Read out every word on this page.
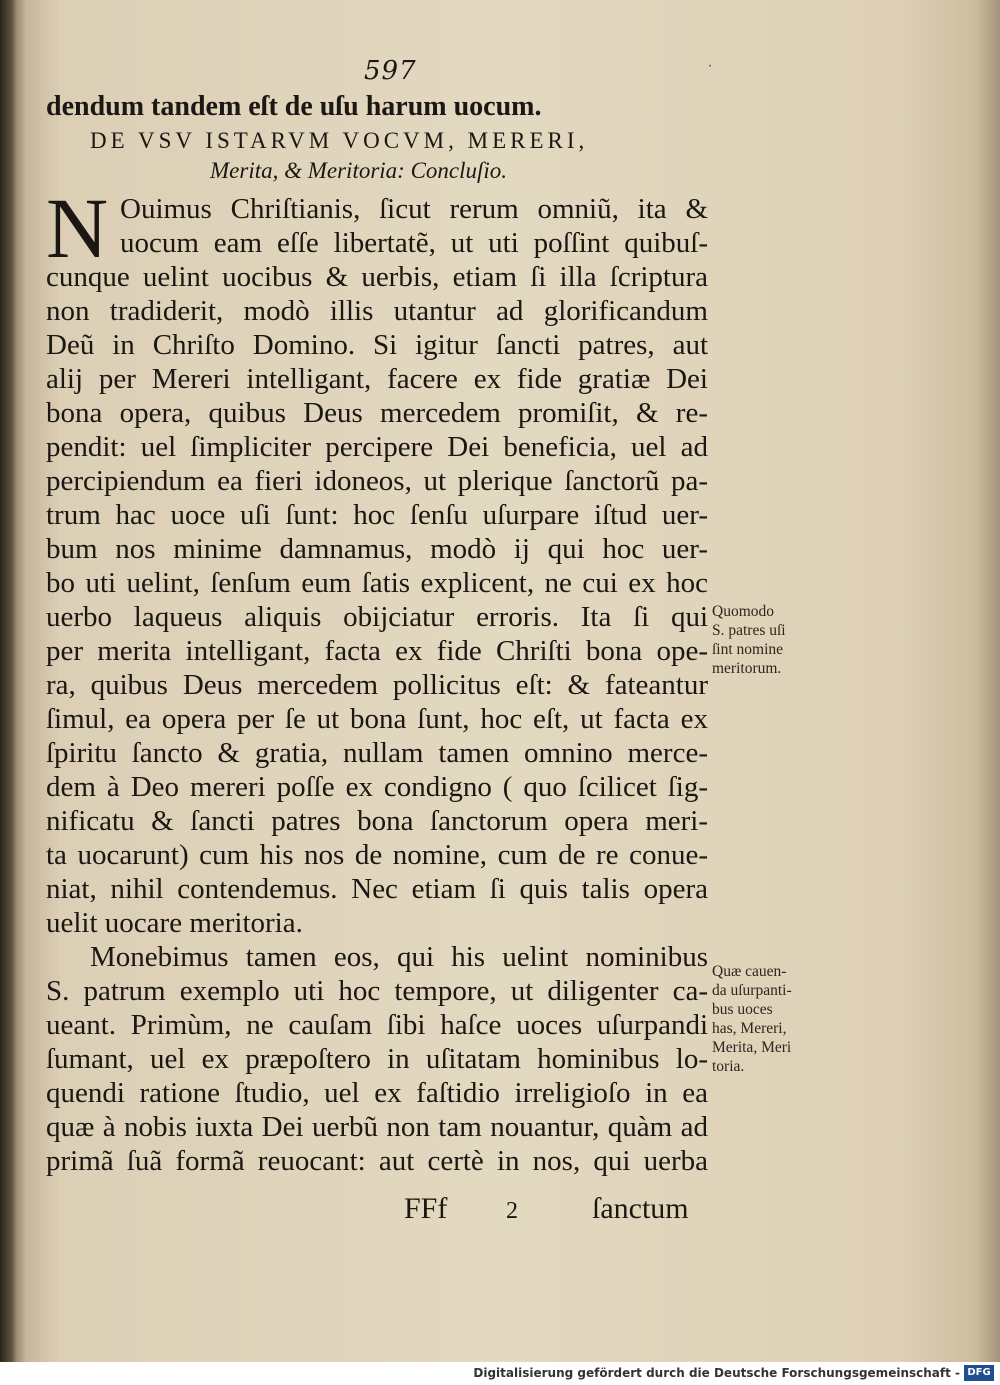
597	˙
dendum tandem eſt de uſu harum uocum.
DE VSV ISTARVM VOCVM, MERERI,
Merita, & Meritoria: Concluſio.
N Ouimus Chriſtianis, ſicut rerum omniũ, ita &
uocum eam eſſe libertatẽ, ut uti poſſint quibuſ-
cunque uelint uocibus & uerbis, etiam ſi illa ſcriptura
non tradiderit, modò illis utantur ad glorificandum
Deũ in Chriſto Domino. Si igitur ſancti patres, aut
alij per Mereri intelligant, facere ex fide gratiæ Dei
bona opera, quibus Deus mercedem promiſit, & re-
pendit: uel ſimpliciter percipere Dei beneficia, uel ad
percipiendum ea fieri idoneos, ut plerique ſanctorũ pa-
trum hac uoce uſi ſunt: hoc ſenſu uſurpare iſtud uer-
bum nos minime damnamus, modò ij qui hoc uer-
bo uti uelint, ſenſum eum ſatis explicent, ne cui ex hoc
uerbo laqueus aliquis obijciatur erroris. Ita ſi qui
per merita intelligant, facta ex fide Chriſti bona ope-
ra, quibus Deus mercedem pollicitus eſt: & fateantur
ſimul, ea opera per ſe ut bona ſunt, hoc eſt, ut facta ex
ſpiritu ſancto & gratia, nullam tamen omnino merce-
dem à Deo mereri poſſe ex condigno ( quo ſcilicet ſig-
nificatu & ſancti patres bona ſanctorum opera meri-
ta uocarunt) cum his nos de nomine, cum de re conue-
niat, nihil contendemus. Nec etiam ſi quis talis opera
uelit uocare meritoria.
Monebimus tamen eos, qui his uelint nominibus
S. patrum exemplo uti hoc tempore, ut diligenter ca-
ueant. Primùm, ne cauſam ſibi haſce uoces uſurpandi
ſumant, uel ex præpoſtero in uſitatam hominibus lo-
quendi ratione ſtudio, uel ex faſtidio irreligioſo in ea
quæ à nobis iuxta Dei uerbũ non tam nouantur, quàm ad
primã ſuã formã reuocant: aut certè in nos, qui uerba
Quomodo
S. patres uſi
ſint nomine
meritorum.
Quæ cauen-
da uſurpanti-
bus uoces
has, Mereri,
Merita, Meri
toria.
FFf 2 ſanctum
Digitalisierung gefördert durch die Deutsche Forschungsgemeinschaft - DFG
